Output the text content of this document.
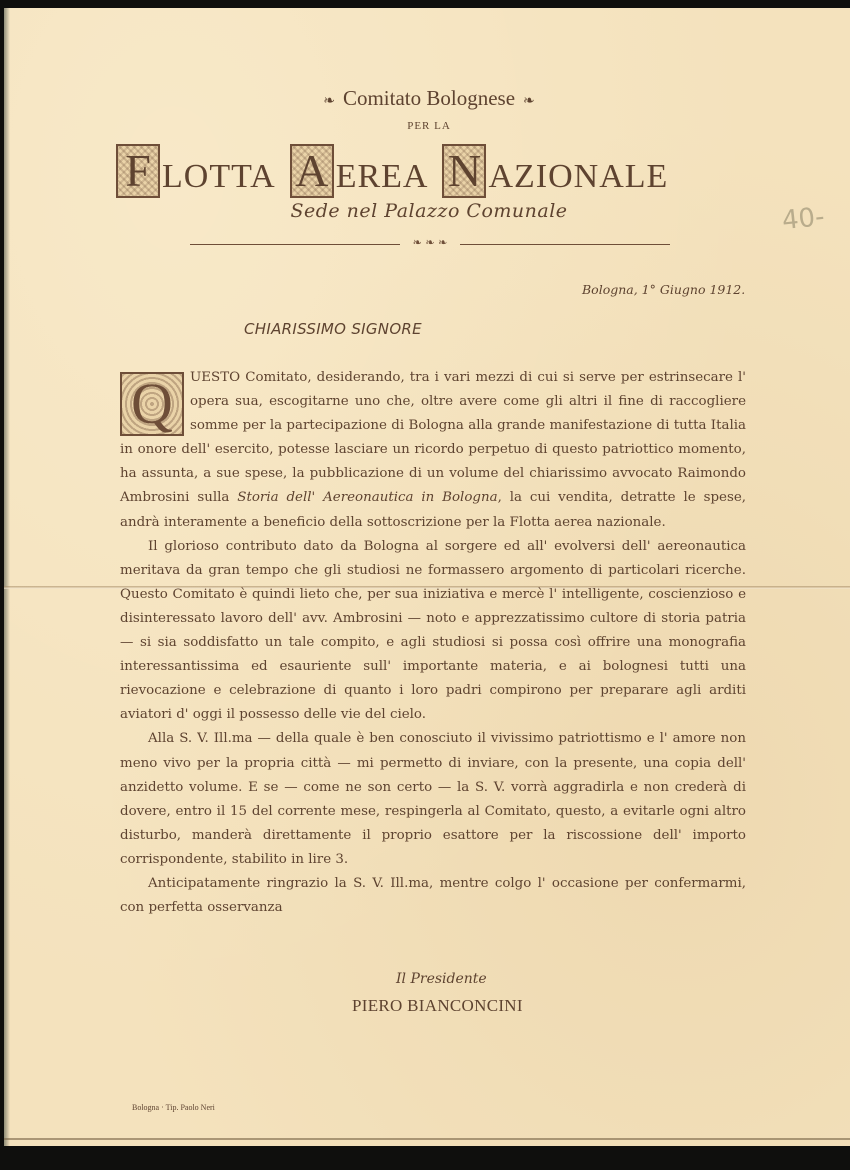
❧ Comitato Bolognese ❧
PER LA
F LOTTA A EREA N AZIONALE
Sede nel Palazzo Comunale
❧ ❧ ❧
40-
Bologna, 1° Giugno 1912.
CHIARISSIMO SIGNORE

Q	UESTO Comitato, desiderando, tra i vari mezzi di cui si serve per estrinsecare l' opera sua, escogitarne uno che, oltre avere come gli altri il fine di raccogliere somme per la partecipazione di Bologna alla grande manifestazione di tutta Italia in onore dell' esercito, potesse lasciare un ricordo perpetuo di questo patriottico momento, ha assunta, a sue spese, la pubblicazione di un volume del chiarissimo avvocato Raimondo Ambrosini sulla Storia dell' Aereonautica in Bologna, la cui vendita, detratte le spese, andrà interamente a beneficio della sottoscrizione per la Flotta aerea nazionale.

Il glorioso contributo dato da Bologna al sorgere ed all' evolversi dell' aereonautica meritava da gran tempo che gli studiosi ne formassero argomento di particolari ricerche. Questo Comitato è quindi lieto che, per sua iniziativa e mercè l' intelligente, coscienzioso e disinteressato lavoro dell' avv. Ambrosini — noto e apprezzatissimo cultore di storia patria — si sia soddisfatto un tale compito, e agli studiosi si possa così offrire una monografia interessantissima ed esauriente sull' importante materia, e ai bolognesi tutti una rievocazione e celebrazione di quanto i loro padri compirono per preparare agli arditi aviatori d' oggi il possesso delle vie del cielo.

Alla S. V. Ill.ma — della quale è ben conosciuto il vivissimo patriottismo e l' amore non meno vivo per la propria città — mi permetto di inviare, con la presente, una copia dell' anzidetto volume. E se — come ne son certo — la S. V. vorrà aggradirla e non crederà di dovere, entro il 15 del corrente mese, respingerla al Comitato, questo, a evitarle ogni altro disturbo, manderà direttamente il proprio esattore per la riscossione dell' importo corrispondente, stabilito in lire 3.

Anticipatamente ringrazio la S. V. Ill.ma, mentre colgo l' occasione per confermarmi, con perfetta osservanza

Il Presidente
PIERO BIANCONCINI
Bologna · Tip. Paolo Neri
